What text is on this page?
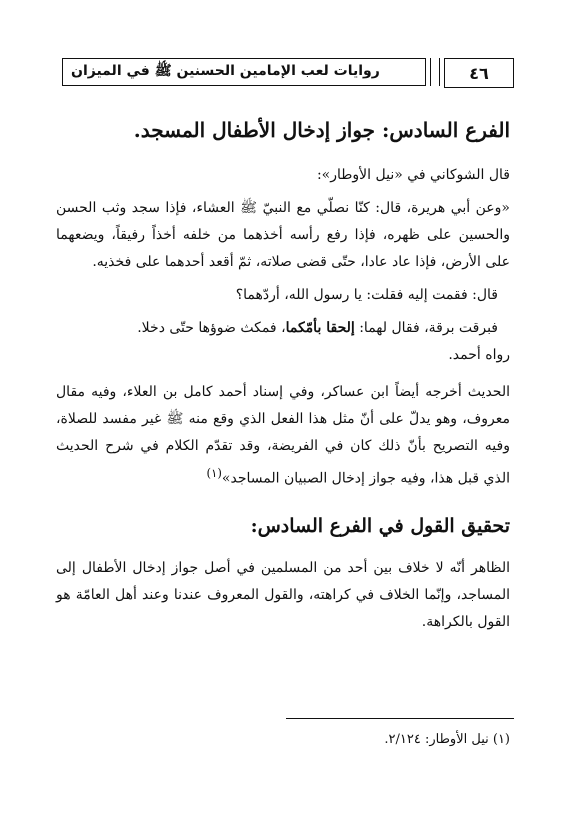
٤٦
روايات لعب الإمامين الحسنين ﷺ في الميزان
الفرع السادس: جواز إدخال الأطفال المسجد.

قال الشوكاني في «نيل الأوطار»:

«وعن أبي هريرة، قال: كنّا نصلّي مع النبيّ ﷺ العشاء، فإذا سجد وثب الحسن والحسين على ظهره، فإذا رفع رأسه أخذهما من خلفه أخذاً رفيقاً، ويضعهما على الأرض، فإذا عاد عادا، حتّى قضى صلاته، ثمّ أقعد أحدهما على فخذيه.

قال: فقمت إليه فقلت: يا رسول الله، أردّهما؟

فبرقت برقة، فقال لهما: إلحقا بأمّكما، فمكث ضوؤها حتّى دخلا.

رواه أحمد.

الحديث أخرجه أيضاً ابن عساكر، وفي إسناد أحمد كامل بن العلاء، وفيه مقال معروف، وهو يدلّ على أنّ مثل هذا الفعل الذي وقع منه ﷺ غير مفسد للصلاة، وفيه التصريح بأنّ ذلك كان في الفريضة، وقد تقدّم الكلام في شرح الحديث الذي قبل هذا، وفيه جواز إدخال الصبيان المساجد»$^{(١)}$

تحقيق القول في الفرع السادس:

الظاهر أنّه لا خلاف بين أحد من المسلمين في أصل جواز إدخال الأطفال إلى المساجد، وإنّما الخلاف في كراهته، والقول المعروف عندنا وعند أهل العامّة هو القول بالكراهة.

(١) نيل الأوطار: ٢/١٢٤.
